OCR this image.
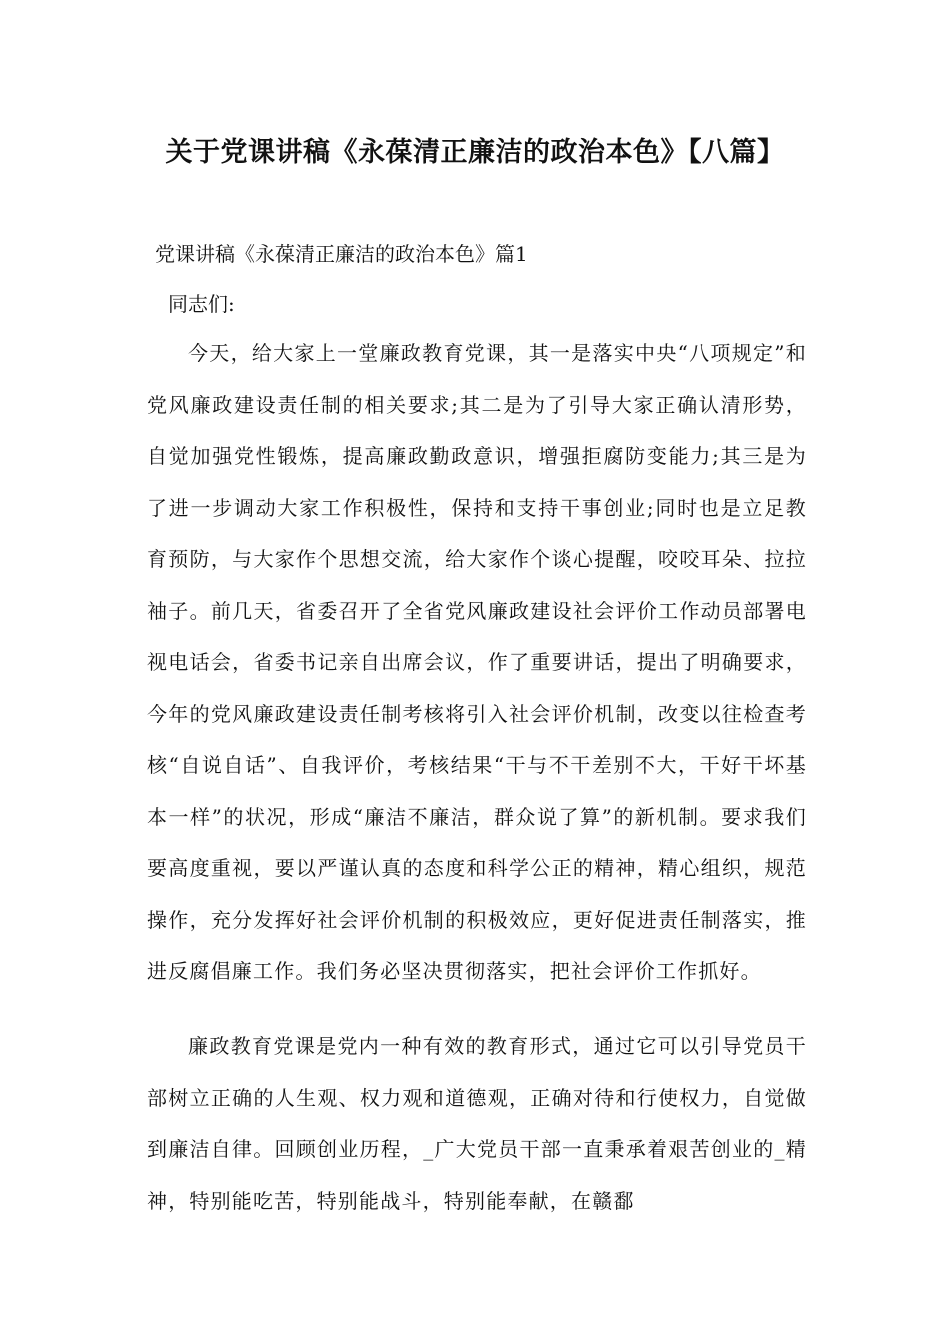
关于党课讲稿《永葆清正廉洁的政治本色》【八篇】

党课讲稿《永葆清正廉洁的政治本色》篇1

同志们:

今天，给大家上一堂廉政教育党课，其一是落实中央“八项规定”和党风廉政建设责任制的相关要求;其二是为了引导大家正确认清形势，自觉加强党性锻炼，提高廉政勤政意识，增强拒腐防变能力;其三是为了进一步调动大家工作积极性，保持和支持干事创业;同时也是立足教育预防，与大家作个思想交流，给大家作个谈心提醒，咬咬耳朵、拉拉袖子。前几天，省委召开了全省党风廉政建设社会评价工作动员部署电视电话会，省委书记亲自出席会议，作了重要讲话，提出了明确要求，今年的党风廉政建设责任制考核将引入社会评价机制，改变以往检查考核“自说自话”、自我评价，考核结果“干与不干差别不大，干好干坏基本一样”的状况，形成“廉洁不廉洁，群众说了算”的新机制。要求我们要高度重视，要以严谨认真的态度和科学公正的精神，精心组织，规范操作，充分发挥好社会评价机制的积极效应，更好促进责任制落实，推进反腐倡廉工作。我们务必坚决贯彻落实，把社会评价工作抓好。

廉政教育党课是党内一种有效的教育形式，通过它可以引导党员干部树立正确的人生观、权力观和道德观，正确对待和行使权力，自觉做到廉洁自律。回顾创业历程，_广大党员干部一直秉承着艰苦创业的_精神，特别能吃苦，特别能战斗，特别能奉献，在赣鄱
